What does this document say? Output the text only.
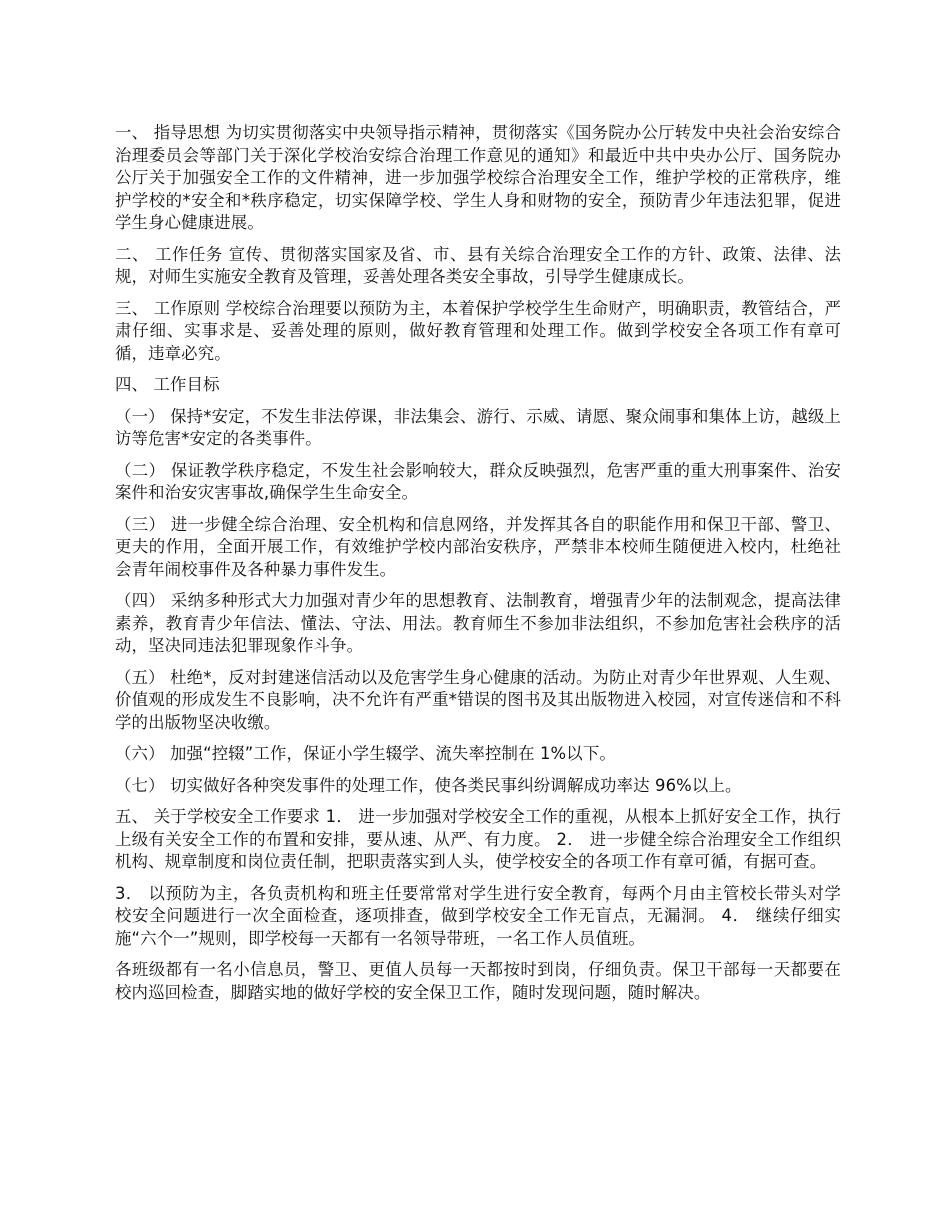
一、 指导思想 为切实贯彻落实中央领导指示精神，贯彻落实《国务院办公厅转发中央社会治安综合治理委员会等部门关于深化学校治安综合治理工作意见的通知》和最近中共中央办公厅、国务院办公厅关于加强安全工作的文件精神，进一步加强学校综合治理安全工作，维护学校的正常秩序，维护学校的*安全和*秩序稳定，切实保障学校、学生人身和财物的安全，预防青少年违法犯罪，促进学生身心健康进展。

二、 工作任务 宣传、贯彻落实国家及省、市、县有关综合治理安全工作的方针、政策、法律、法规，对师生实施安全教育及管理，妥善处理各类安全事故，引导学生健康成长。

三、 工作原则 学校综合治理要以预防为主，本着保护学校学生生命财产，明确职责，教管结合，严肃仔细、实事求是、妥善处理的原则，做好教育管理和处理工作。做到学校安全各项工作有章可循，违章必究。

四、 工作目标

（一） 保持*安定，不发生非法停课，非法集会、游行、示威、请愿、聚众闹事和集体上访，越级上访等危害*安定的各类事件。

（二） 保证教学秩序稳定，不发生社会影响较大，群众反映强烈，危害严重的重大刑事案件、治安案件和治安灾害事故,确保学生生命安全。

（三） 进一步健全综合治理、安全机构和信息网络，并发挥其各自的职能作用和保卫干部、警卫、更夫的作用，全面开展工作，有效维护学校内部治安秩序，严禁非本校师生随便进入校内，杜绝社会青年闹校事件及各种暴力事件发生。

（四） 采纳多种形式大力加强对青少年的思想教育、法制教育，增强青少年的法制观念，提高法律素养，教育青少年信法、懂法、守法、用法。教育师生不参加非法组织，不参加危害社会秩序的活动，坚决同违法犯罪现象作斗争。

（五） 杜绝*，反对封建迷信活动以及危害学生身心健康的活动。为防止对青少年世界观、人生观、价值观的形成发生不良影响，决不允许有严重*错误的图书及其出版物进入校园，对宣传迷信和不科学的出版物坚决收缴。

（六） 加强“控辍”工作，保证小学生辍学、流失率控制在 1%以下。

（七） 切实做好各种突发事件的处理工作，使各类民事纠纷调解成功率达 96%以上。

五、 关于学校安全工作要求 1． 进一步加强对学校安全工作的重视，从根本上抓好安全工作，执行上级有关安全工作的布置和安排，要从速、从严、有力度。 2． 进一步健全综合治理安全工作组织机构、规章制度和岗位责任制，把职责落实到人头，使学校安全的各项工作有章可循，有据可查。

3． 以预防为主，各负责机构和班主任要常常对学生进行安全教育，每两个月由主管校长带头对学校安全问题进行一次全面检查，逐项排查，做到学校安全工作无盲点，无漏洞。 4． 继续仔细实施“六个一”规则，即学校每一天都有一名领导带班，一名工作人员值班。

各班级都有一名小信息员，警卫、更值人员每一天都按时到岗，仔细负责。保卫干部每一天都要在校内巡回检查，脚踏实地的做好学校的安全保卫工作，随时发现问题，随时解决。
